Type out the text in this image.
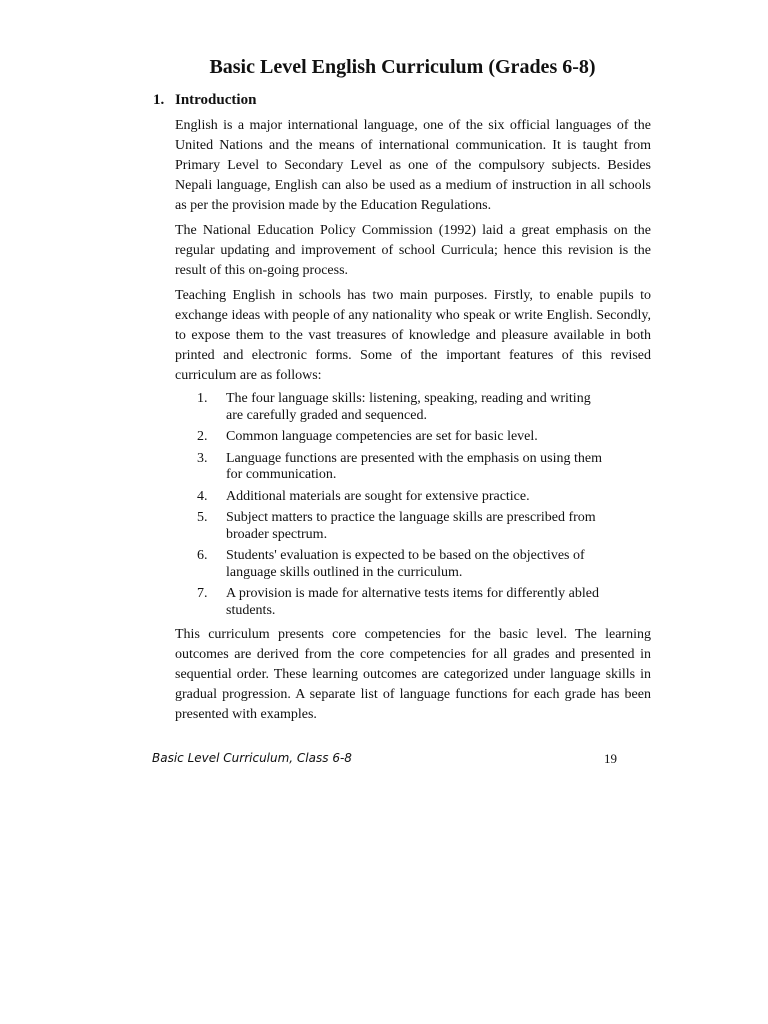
Basic Level English Curriculum (Grades 6-8)
1. Introduction

English is a major international language, one of the six official languages of the United Nations and the means of international communication. It is taught from Primary Level to Secondary Level as one of the compulsory subjects. Besides Nepali language, English can also be used as a medium of instruction in all schools as per the provision made by the Education Regulations.

The National Education Policy Commission (1992) laid a great emphasis on the regular updating and improvement of school Curricula; hence this revision is the result of this on-going process.

Teaching English in schools has two main purposes. Firstly, to enable pupils to exchange ideas with people of any nationality who speak or write English. Secondly, to expose them to the vast treasures of knowledge and pleasure available in both printed and electronic forms. Some of the important features of this revised curriculum are as follows:

1.	The four language skills: listening, speaking, reading and writing are carefully graded and sequenced.
2.	Common language competencies are set for basic level.
3.	Language functions are presented with the emphasis on using them for communication.
4.	Additional materials are sought for extensive practice.
5.	Subject matters to practice the language skills are prescribed from broader spectrum.
6.	Students' evaluation is expected to be based on the objectives of language skills outlined in the curriculum.
7.	A provision is made for alternative tests items for differently abled students.

This curriculum presents core competencies for the basic level. The learning outcomes are derived from the core competencies for all grades and presented in sequential order. These learning outcomes are categorized under language skills in gradual progression. A separate list of language functions for each grade has been presented with examples.

Basic Level Curriculum, Class 6-8	19
